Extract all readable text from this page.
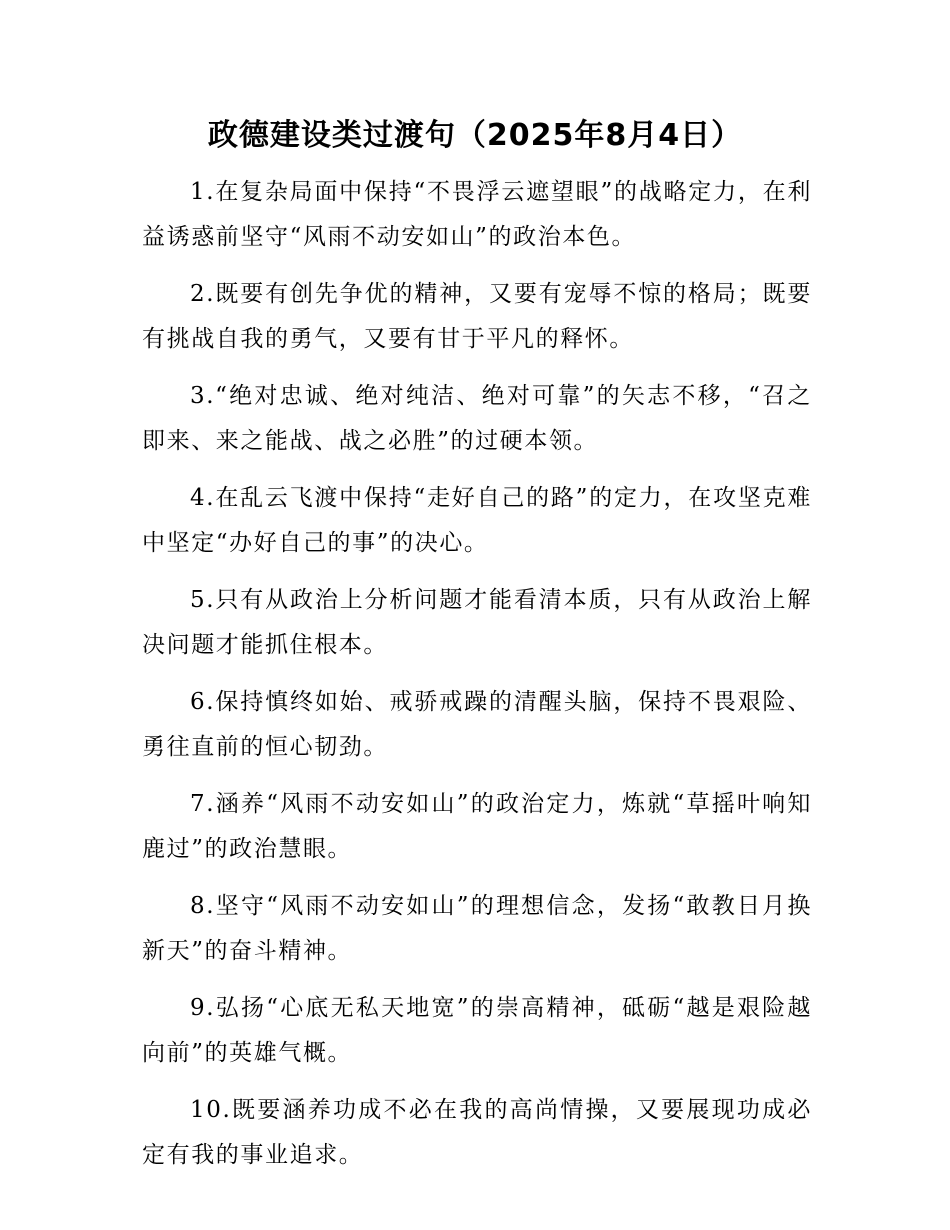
政德建设类过渡句（2025年8月4日）

1.在复杂局面中保持“不畏浮云遮望眼”的战略定力，在利益诱惑前坚守“风雨不动安如山”的政治本色。

2.既要有创先争优的精神，又要有宠辱不惊的格局；既要有挑战自我的勇气，又要有甘于平凡的释怀。

3.“绝对忠诚、绝对纯洁、绝对可靠”的矢志不移，“召之即来、来之能战、战之必胜”的过硬本领。

4.在乱云飞渡中保持“走好自己的路”的定力，在攻坚克难中坚定“办好自己的事”的决心。

5.只有从政治上分析问题才能看清本质，只有从政治上解决问题才能抓住根本。

6.保持慎终如始、戒骄戒躁的清醒头脑，保持不畏艰险、勇往直前的恒心韧劲。

7.涵养“风雨不动安如山”的政治定力，炼就“草摇叶响知鹿过”的政治慧眼。

8.坚守“风雨不动安如山”的理想信念，发扬“敢教日月换新天”的奋斗精神。

9.弘扬“心底无私天地宽”的崇高精神，砥砺“越是艰险越向前”的英雄气概。

10.既要涵养功成不必在我的高尚情操，又要展现功成必定有我的事业追求。
